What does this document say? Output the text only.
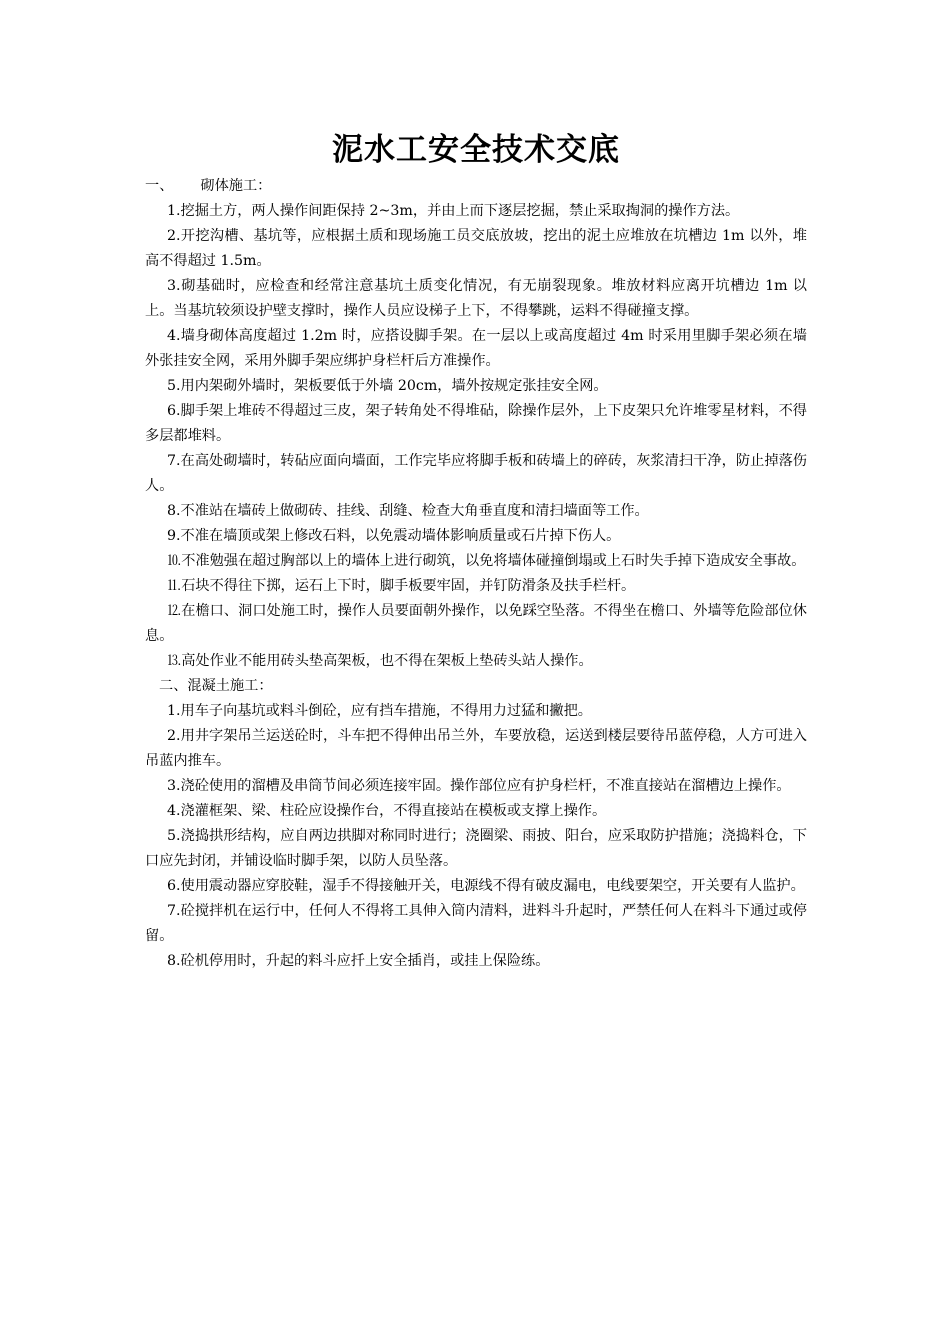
泥水工安全技术交底

一、      砌体施工：

1.挖掘土方，两人操作间距保持 2~3m，并由上而下逐层挖掘，禁止采取掏洞的操作方法。

2.开挖沟槽、基坑等，应根据土质和现场施工员交底放坡，挖出的泥土应堆放在坑槽边 1m 以外，堆高不得超过 1.5m。

3.砌基础时，应检查和经常注意基坑土质变化情况，有无崩裂现象。堆放材料应离开坑槽边 1m 以上。当基坑较须设护壁支撑时，操作人员应设梯子上下，不得攀跳，运料不得碰撞支撑。

4.墙身砌体高度超过 1.2m 时，应搭设脚手架。在一层以上或高度超过 4m 时采用里脚手架必须在墙外张挂安全网，采用外脚手架应绑护身栏杆后方准操作。

5.用内架砌外墙时，架板要低于外墙 20cm，墙外按规定张挂安全网。

6.脚手架上堆砖不得超过三皮，架子转角处不得堆砧，除操作层外，上下皮架只允许堆零星材料，不得多层都堆料。

7.在高处砌墙时，转砧应面向墙面，工作完毕应将脚手板和砖墙上的碎砖，灰浆清扫干净，防止掉落伤人。

8.不准站在墙砖上做砌砖、挂线、刮缝、检查大角垂直度和清扫墙面等工作。

9.不准在墙顶或架上修改石料，以免震动墙体影响质量或石片掉下伤人。

⒑不准勉强在超过胸部以上的墙体上进行砌筑，以免将墙体碰撞倒塌或上石时失手掉下造成安全事故。

⒒石块不得往下掷，运石上下时，脚手板要牢固，并钉防滑条及扶手栏杆。

⒓在檐口、洞口处施工时，操作人员要面朝外操作，以免踩空坠落。不得坐在檐口、外墙等危险部位休息。

⒔高处作业不能用砖头垫高架板，也不得在架板上垫砖头站人操作。

二、混凝土施工：

1.用车子向基坑或料斗倒砼，应有挡车措施，不得用力过猛和撇把。

2.用井字架吊兰运送砼时，斗车把不得伸出吊兰外，车要放稳，运送到楼层要待吊蓝停稳，人方可进入吊蓝内推车。

3.浇砼使用的溜槽及串筒节间必须连接牢固。操作部位应有护身栏杆，不准直接站在溜槽边上操作。

4.浇灌框架、梁、柱砼应设操作台，不得直接站在模板或支撑上操作。

5.浇捣拱形结构，应自两边拱脚对称同时进行；浇圈梁、雨披、阳台，应采取防护措施；浇捣料仓，下口应先封闭，并铺设临时脚手架，以防人员坠落。

6.使用震动器应穿胶鞋，湿手不得接触开关，电源线不得有破皮漏电，电线要架空，开关要有人监护。

7.砼搅拌机在运行中，任何人不得将工具伸入筒内清料，进料斗升起时，严禁任何人在料斗下通过或停留。

8.砼机停用时，升起的料斗应扦上安全插肖，或挂上保险练。
